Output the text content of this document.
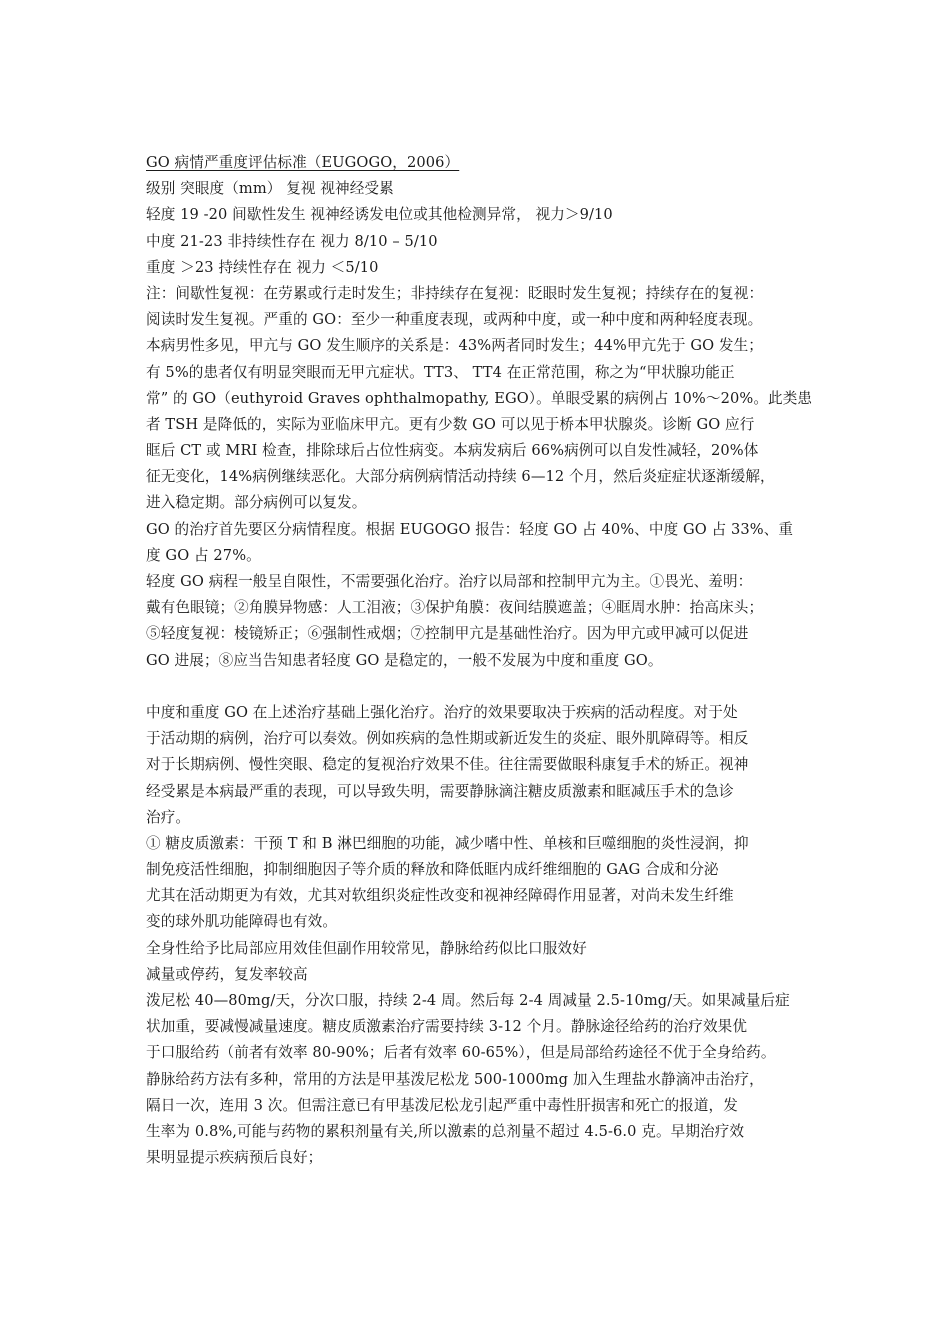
GO 病情严重度评估标准（EUGOGO，2006）
级别 突眼度（mm） 复视 视神经受累
轻度 19 -20 间歇性发生 视神经诱发电位或其他检测异常， 视力＞9/10
中度 21-23 非持续性存在 视力 8/10 – 5/10
重度 ＞23 持续性存在 视力 ＜5/10
注：间歇性复视：在劳累或行走时发生；非持续存在复视：眨眼时发生复视；持续存在的复视：
阅读时发生复视。严重的 GO：至少一种重度表现，或两种中度，或一种中度和两种轻度表现。
本病男性多见，甲亢与 GO 发生顺序的关系是：43%两者同时发生；44%甲亢先于 GO 发生；
有 5%的患者仅有明显突眼而无甲亢症状。TT3、 TT4 在正常范围，称之为“甲状腺功能正
常” 的 GO（euthyroid Graves ophthalmopathy, EGO）。单眼受累的病例占 10%～20%。此类患
者 TSH 是降低的，实际为亚临床甲亢。更有少数 GO 可以见于桥本甲状腺炎。诊断 GO 应行
眶后 CT 或 MRI 检查，排除球后占位性病变。本病发病后 66%病例可以自发性减轻，20%体
征无变化，14%病例继续恶化。大部分病例病情活动持续 6—12 个月，然后炎症症状逐渐缓解，
进入稳定期。部分病例可以复发。
GO 的治疗首先要区分病情程度。根据 EUGOGO 报告：轻度 GO 占 40%、中度 GO 占 33%、重
度 GO 占 27%。
轻度 GO 病程一般呈自限性，不需要强化治疗。治疗以局部和控制甲亢为主。①畏光、羞明：
戴有色眼镜；②角膜异物感：人工泪液；③保护角膜：夜间结膜遮盖；④眶周水肿：抬高床头；
⑤轻度复视：棱镜矫正；⑥强制性戒烟；⑦控制甲亢是基础性治疗。因为甲亢或甲减可以促进
GO 进展；⑧应当告知患者轻度 GO 是稳定的，一般不发展为中度和重度 GO。
中度和重度 GO 在上述治疗基础上强化治疗。治疗的效果要取决于疾病的活动程度。对于处
于活动期的病例，治疗可以奏效。例如疾病的急性期或新近发生的炎症、眼外肌障碍等。相反
对于长期病例、慢性突眼、稳定的复视治疗效果不佳。往往需要做眼科康复手术的矫正。视神
经受累是本病最严重的表现，可以导致失明，需要静脉滴注糖皮质激素和眶减压手术的急诊
治疗。
① 糖皮质激素：干预 T 和 B 淋巴细胞的功能，减少嗜中性、单核和巨噬细胞的炎性浸润，抑
制免疫活性细胞，抑制细胞因子等介质的释放和降低眶内成纤维细胞的 GAG 合成和分泌
尤其在活动期更为有效，尤其对软组织炎症性改变和视神经障碍作用显著，对尚未发生纤维
变的球外肌功能障碍也有效。
全身性给予比局部应用效佳但副作用较常见，静脉给药似比口服效好
减量或停药，复发率较高
泼尼松 40—80mg/天，分次口服，持续 2-4 周。然后每 2-4 周减量 2.5-10mg/天。如果减量后症
状加重，要减慢减量速度。糖皮质激素治疗需要持续 3-12 个月。静脉途径给药的治疗效果优
于口服给药（前者有效率 80-90%；后者有效率 60-65%），但是局部给药途径不优于全身给药。
静脉给药方法有多种，常用的方法是甲基泼尼松龙 500-1000mg 加入生理盐水静滴冲击治疗，
隔日一次，连用 3 次。但需注意已有甲基泼尼松龙引起严重中毒性肝损害和死亡的报道，发
生率为 0.8%,可能与药物的累积剂量有关,所以激素的总剂量不超过 4.5-6.0 克。早期治疗效
果明显提示疾病预后良好；
